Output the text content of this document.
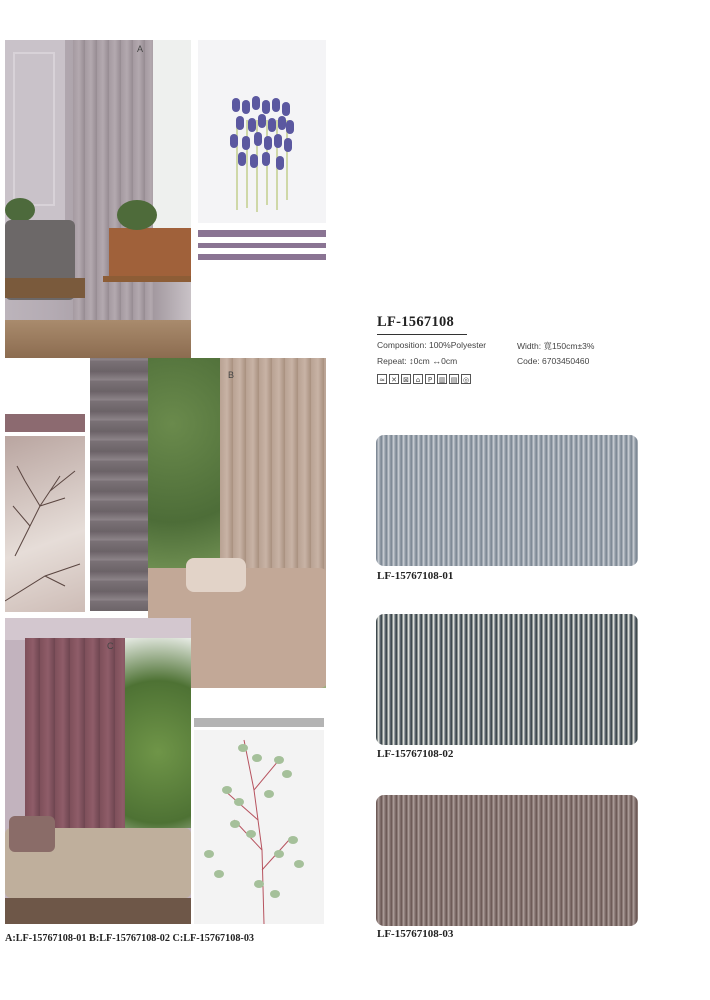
A
B
C
LF-1567108
Composition: 100%Polyester	Width: 寬150cm±3%
Repeat: ↕0cm ↔0cm	Code: 6703450460
≈ ✕ ⊠ ⌂	P ▥ ▤ ◎
LF-15767108-01
LF-15767108-02
LF-15767108-03
A:LF-15767108-01 B:LF-15767108-02 C:LF-15767108-03
